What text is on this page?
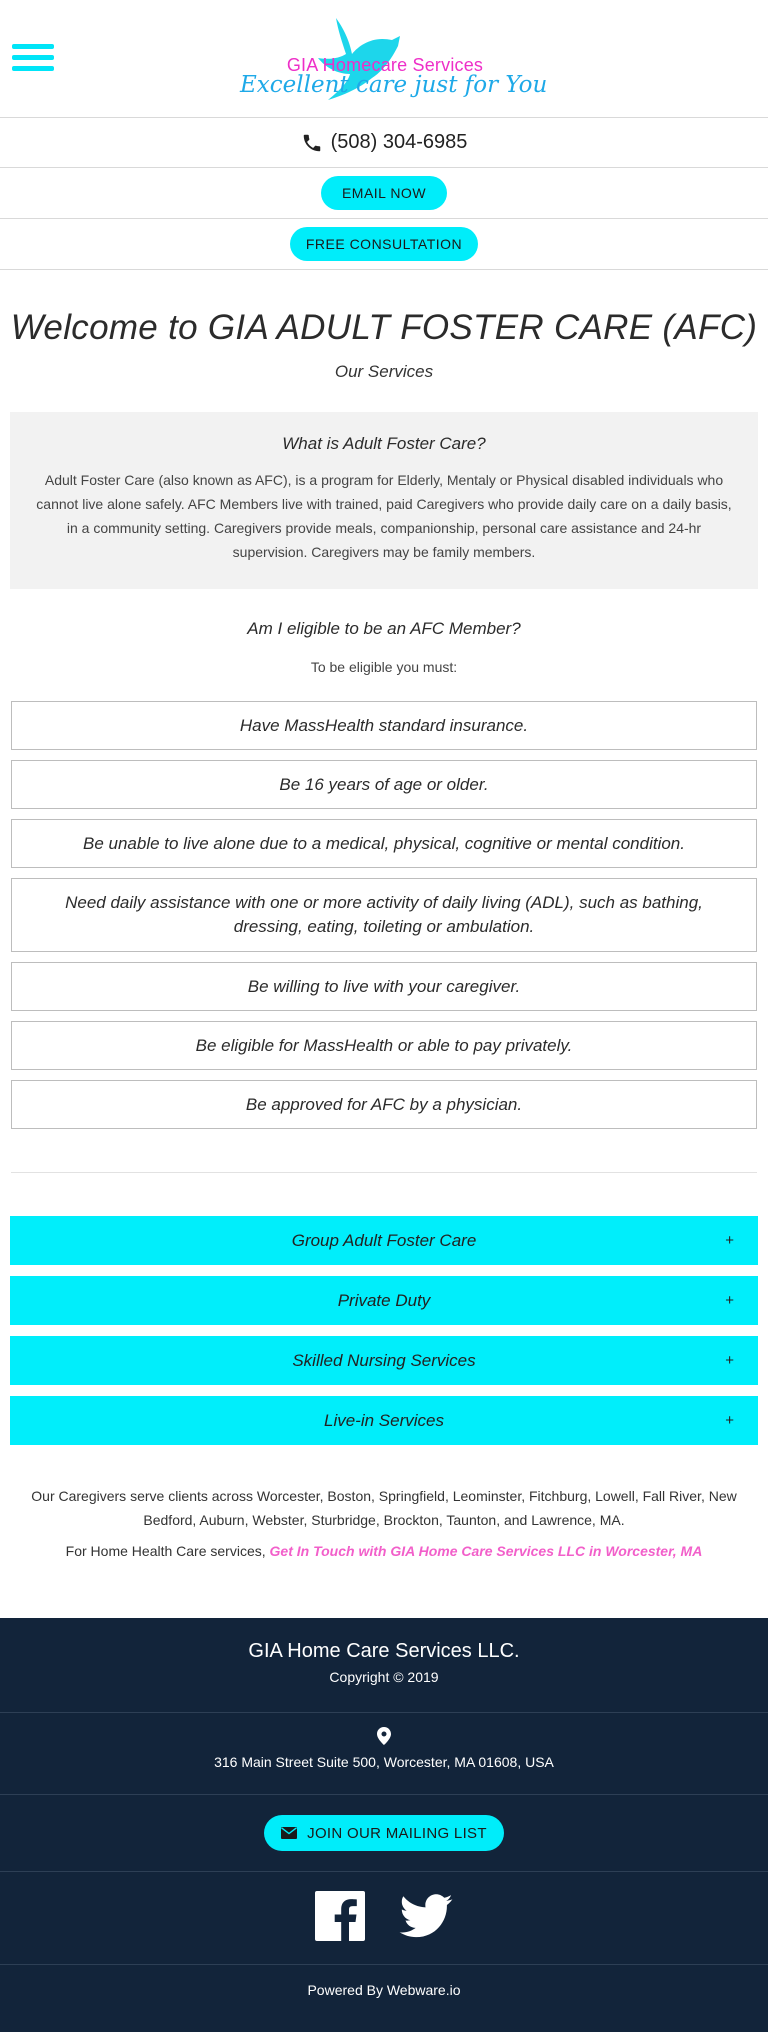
GIA Homecare Services
Excellent care just for You
(508) 304-6985
EMAIL NOW
FREE CONSULTATION
Welcome to GIA ADULT FOSTER CARE (AFC)
Our Services
What is Adult Foster Care?

Adult Foster Care (also known as AFC), is a program for Elderly, Mentaly or Physical disabled individuals who cannot live alone safely. AFC Members live with trained, paid Caregivers who provide daily care on a daily basis, in a community setting. Caregivers provide meals, companionship, personal care assistance and 24-hr supervision. Caregivers may be family members.

Am I eligible to be an AFC Member?

To be eligible you must:

Have MassHealth standard insurance.
Be 16 years of age or older.
Be unable to live alone due to a medical, physical, cognitive or mental condition.
Need daily assistance with one or more activity of daily living (ADL), such as bathing, dressing, eating, toileting or ambulation.
Be willing to live with your caregiver.
Be eligible for MassHealth or able to pay privately.
Be approved for AFC by a physician.
Group Adult Foster Care	+
Private Duty	+
Skilled Nursing Services	+
Live-in Services	+
Our Caregivers serve clients across Worcester, Boston, Springfield, Leominster, Fitchburg, Lowell, Fall River, New Bedford, Auburn, Webster, Sturbridge, Brockton, Taunton, and Lawrence, MA.
For Home Health Care services, Get In Touch with GIA Home Care Services LLC in Worcester, MA
GIA Home Care Services LLC.
Copyright © 2019
316 Main Street Suite 500, Worcester, MA 01608, USA
JOIN OUR MAILING LIST
Powered By Webware.io
